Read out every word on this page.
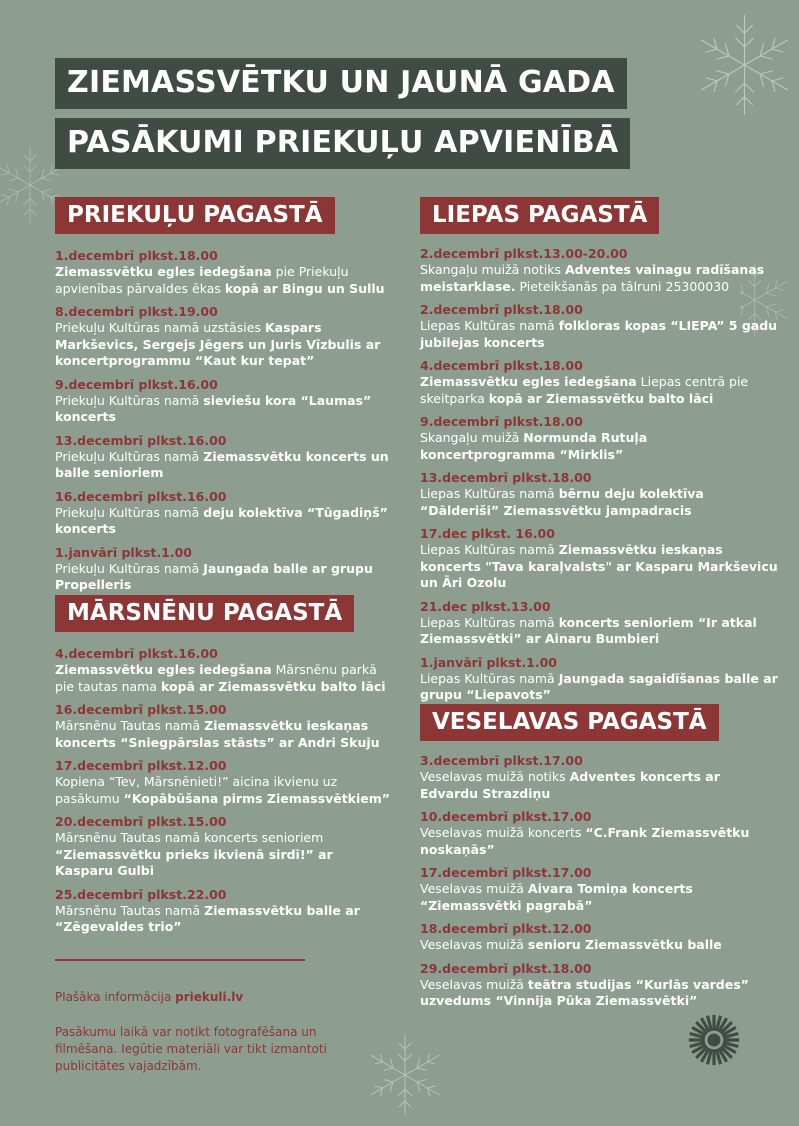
ZIEMASSVĒTKU UN JAUNĀ GADA
PASĀKUMI PRIEKUĻU APVIENĪBĀ
PRIEKUĻU PAGASTĀ
MĀRSNĒNU PAGASTĀ
LIEPAS PAGASTĀ
VESELAVAS PAGASTĀ
1.decembrī plkst.18.00
Ziemassvētku egles iedegšana pie Priekuļu apvienības pārvaldes ēkas kopā ar Bingu un Sullu
8.decembrī plkst.19.00
Priekuļu Kultūras namā uzstāsies Kaspars Markševics, Sergejs Jēgers un Juris Vīzbulis ar koncertprogrammu “Kaut kur tepat”
9.decembrī plkst.16.00
Priekuļu Kultūras namā sieviešu kora “Laumas” koncerts
13.decembrī plkst.16.00
Priekuļu Kultūras namā Ziemassvētku koncerts un balle senioriem
16.decembrī plkst.16.00
Priekuļu Kultūras namā deju kolektīva “Tūgadiņš” koncerts
1.janvārī plkst.1.00
Priekuļu Kultūras namā Jaungada balle ar grupu Propelleris
4.decembrī plkst.16.00
Ziemassvētku egles iedegšana Mārsnēnu parkā pie tautas nama kopā ar Ziemassvētku balto lāci
16.decembrī plkst.15.00
Mārsnēnu Tautas namā Ziemassvētku ieskaņas koncerts “Sniegpārslas stāsts” ar Andri Skuju
17.decembrī plkst.12.00
Kopiena “Tev, Mārsnēnieti!” aicina ikvienu uz pasākumu “Kopābūšana pirms Ziemassvētkiem”
20.decembrī plkst.15.00
Mārsnēnu Tautas namā koncerts senioriem “Ziemassvētku prieks ikvienā sirdī!” ar Kasparu Gulbi
25.decembrī plkst.22.00
Mārsnēnu Tautas namā Ziemassvētku balle ar “Zēgevaldes trio”
2.decembrī plkst.13.00-20.00
Skangaļu muižā notiks Adventes vainagu radīšanas meistarklase. Pieteikšanās pa tālruni 25300030
2.decembrī plkst.18.00
Liepas Kultūras namā folkloras kopas “LIEPA” 5 gadu jubilejas koncerts
4.decembrī plkst.18.00
Ziemassvētku egles iedegšana Liepas centrā pie skeitparka kopā ar Ziemassvētku balto lāci
9.decembrī plkst.18.00
Skangaļu muižā Normunda Rutuļa koncertprogramma “Mirklis”
13.decembrī plkst.18.00
Liepas Kultūras namā bērnu deju kolektīva “Dālderiši” Ziemassvētku jampadracis
17.dec plkst. 16.00
Liepas Kultūras namā Ziemassvētku ieskaņas koncerts "Tava karaļvalsts" ar Kasparu Markševicu un Āri Ozolu
21.dec plkst.13.00
Liepas Kultūras namā koncerts senioriem “Ir atkal Ziemassvētki” ar Ainaru Bumbieri
1.janvārī plkst.1.00
Liepas Kultūras namā Jaungada sagaidīšanas balle ar grupu “Liepavots”
3.decembrī plkst.17.00
Veselavas muižā notiks Adventes koncerts ar Edvardu Strazdiņu
10.decembrī plkst.17.00
Veselavas muižā koncerts “C.Frank Ziemassvētku noskaņās”
17.decembrī plkst.17.00
Veselavas muižā Aivara Tomiņa koncerts “Ziemassvētki pagrabā”
18.decembrī plkst.12.00
Veselavas muižā senioru Ziemassvētku balle
29.decembrī plkst.18.00
Veselavas muižā teātra studijas “Kurlās vardes” uzvedums “Vinnija Pūka Ziemassvētki”
Plašāka informācija priekuli.lv
Pasākumu laikā var notikt fotografēšana un filmēšana. Iegūtie materiāli var tikt izmantoti publicitātes vajadzībām.
